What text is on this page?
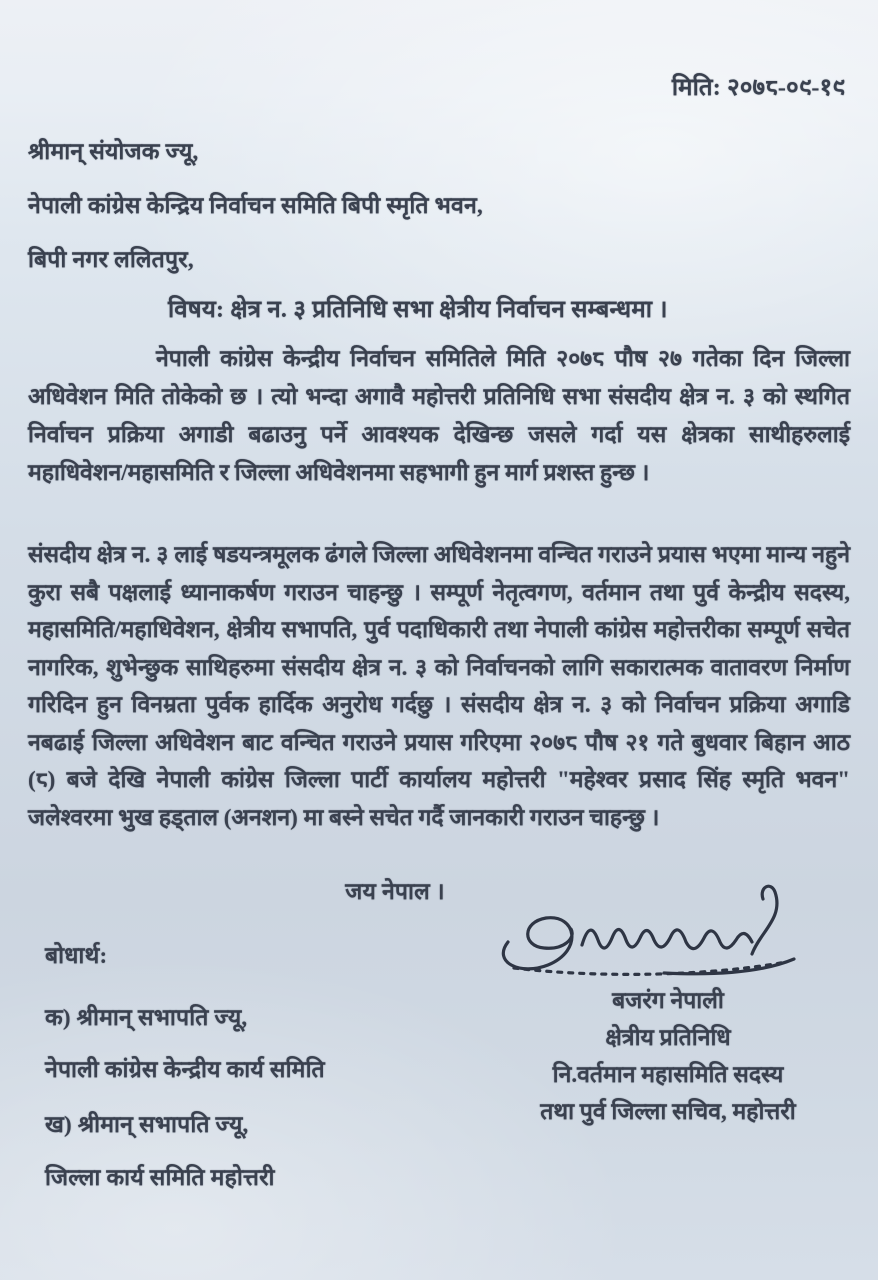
मिति: २०७८-०९-१९
श्रीमान् संयोजक ज्यू,
नेपाली कांग्रेस केन्द्रिय निर्वाचन समिति बिपी स्मृति भवन,
बिपी नगर ललितपुर,
विषय: क्षेत्र न. ३ प्रतिनिधि सभा क्षेत्रीय निर्वाचन सम्बन्धमा ।

नेपाली कांग्रेस केन्द्रीय निर्वाचन समितिले मिति २०७८ पौष २७ गतेका दिन जिल्ला अधिवेशन मिति तोकेको छ । त्यो भन्दा अगावै महोत्तरी प्रतिनिधि सभा संसदीय क्षेत्र न. ३ को स्थगित निर्वाचन प्रक्रिया अगाडी बढाउनु पर्ने आवश्यक देखिन्छ जसले गर्दा यस क्षेत्रका साथीहरुलाई महाधिवेशन/महासमिति र जिल्ला अधिवेशनमा सहभागी हुन मार्ग प्रशस्त हुन्छ ।

संसदीय क्षेत्र न. ३ लाई षडयन्त्रमूलक ढंगले जिल्ला अधिवेशनमा वन्चित गराउने प्रयास भएमा मान्य नहुने कुरा सबै पक्षलाई ध्यानाकर्षण गराउन चाहन्छु । सम्पूर्ण नेतृत्वगण, वर्तमान तथा पुर्व केन्द्रीय सदस्य, महासमिति/महाधिवेशन, क्षेत्रीय सभापति, पुर्व पदाधिकारी तथा नेपाली कांग्रेस महोत्तरीका सम्पूर्ण सचेत नागरिक, शुभेन्छुक साथिहरुमा संसदीय क्षेत्र न. ३ को निर्वाचनको लागि सकारात्मक वातावरण निर्माण गरिदिन हुन विनम्रता पुर्वक हार्दिक अनुरोध गर्दछु । संसदीय क्षेत्र न. ३ को निर्वाचन प्रक्रिया अगाडि नबढाई जिल्ला अधिवेशन बाट वन्चित गराउने प्रयास गरिएमा २०७८ पौष २१ गते बुधवार बिहान आठ (८) बजे देखि नेपाली कांग्रेस जिल्ला पार्टी कार्यालय महोत्तरी "महेश्वर प्रसाद सिंह स्मृति भवन" जलेश्वरमा भुख हड्ताल (अनशन) मा बस्ने सचेत गर्दै जानकारी गराउन चाहन्छु ।

जय नेपाल ।
बजरंग नेपाली
क्षेत्रीय प्रतिनिधि
नि.वर्तमान महासमिति सदस्य
तथा पुर्व जिल्ला सचिव, महोत्तरी
बोधार्थ:
क) श्रीमान् सभापति ज्यू,
नेपाली कांग्रेस केन्द्रीय कार्य समिति
ख) श्रीमान् सभापति ज्यू,
जिल्ला कार्य समिति महोत्तरी
